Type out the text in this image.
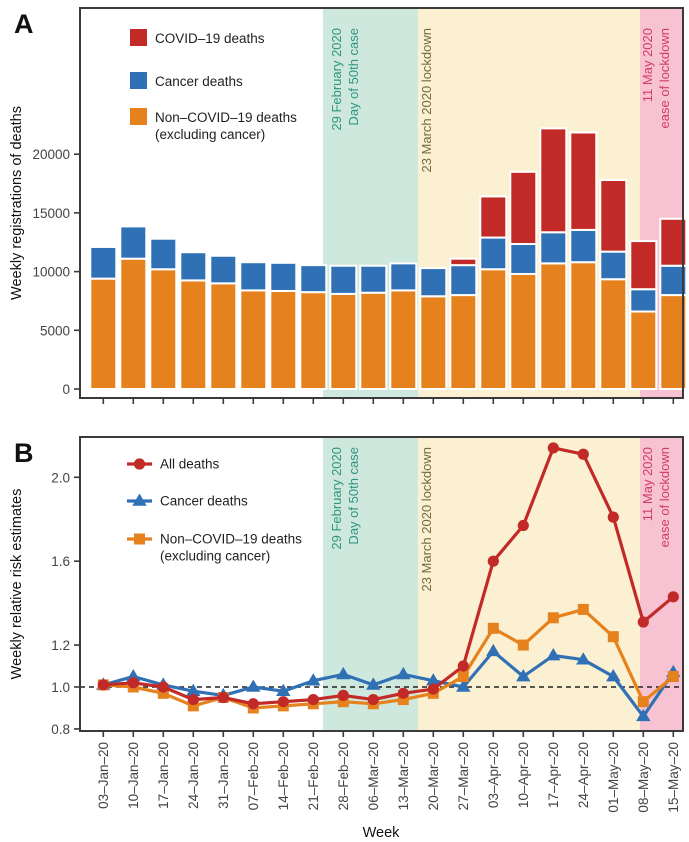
29 February 2020 Day of 50th case	23 March 2020 lockdown	11 May 2020 ease of lockdown
0
5000
10000
15000
20000
COVID–19 deaths
Cancer deaths
Non–COVID–19 deaths
(excluding cancer)
29 February 2020 Day of 50th case	23 March 2020 lockdown	11 May 2020 ease of lockdown
0.8
1.0
1.2
1.6
2.0
All deaths
Cancer deaths
Non–COVID–19 deaths
(excluding cancer)
03–Jan–20 10–Jan–20 17–Jan–20 24–Jan–20 31–Jan–20 07–Feb–20 14–Feb–20 21–Feb–20 28–Feb–20 06–Mar–20 13–Mar–20 20–Mar–20 27–Mar–20 03–Apr–20 10–Apr–20 17–Apr–20 24–Apr–20 01–May–20 08–May–20 15–May–20
A
B
Weekly registrations of deaths
Weekly relative risk estimates
Week
